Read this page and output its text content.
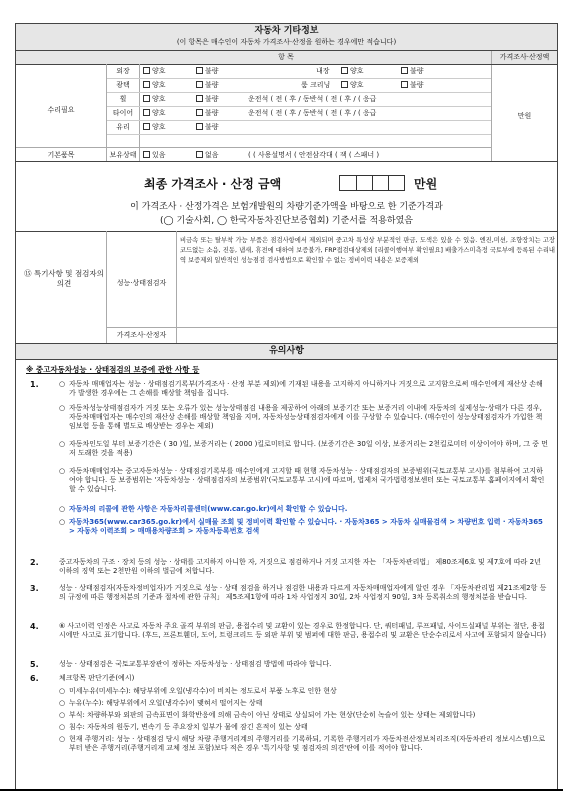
자동차 기타정보
(이 항목은 매수인이 자동차 가격조사·산정을 원하는 경우에만 적습니다)
항 목	가격조사·산정액
수리필요
기본품목
만원
외장	양호	불량	내장	양호	불량
광택	양호	불량	룸 크리닝	양호	불량
휠	양호	불량	운전석 ( 전 ( 후 / 동반석 ( 전 ( 후 / ( 응급
타이어	양호	불량	운전석 ( 전 ( 후 / 동반석 ( 전 ( 후 / ( 응급
유리	양호	불량
보유상태	있음	없음	( ( 사용설명서 ( 안전삼각대 ( 잭 ( 스패너 )
최종 가격조사 · 산정 금액	만원
이 가격조사 · 산정가격은 보험개발원의 차량기준가액을 바탕으로 한 기준가격과
(◯ 기술사회, ◯ 한국자동차진단보증협회) 기준서를 적용하였음
⑮ 특기사항 및 점검자의 의견	성능·상태점검자
비금속 또는 탈부착 가능 부품은 점검사항에서 제외되며 중고차 특성상 부분적인 판금, 도색은 있을 수 있음. 엔진,미션, 조향장치는 고장코드없는 소음, 진동, 냄새, 휴전에 대하여 보증불가, FRP접검대상제외 [리콜이행여부 확인필요] 배출가스미측정 국토부에 등록된 수리내역 보증제외 일반적인 성능점검 검사방법으로 확인할 수 없는 정비이력 내용은 보증제외
가격조사·산정자
유의사항
※ 중고자동차성능 · 상태점검의 보증에 관한 사항 등
1.	○ 자동차 매매업자는 성능 · 상태점검기록부(가격조사 · 산정 부분 제외)에 기재된 내용을 고지하지 아니하거나 거짓으로 고지함으로써 매수인에게 재산상 손해가 발생한 경우에는 그 손해를 배상할 책임을 집니다.
○ 자동차성능상태점검자가 거짓 또는 오류가 있는 성능상태점검 내용을 제공하여 아래의 보증기간 또는 보증거리 이내에 자동차의 실제성능·상태가 다른 경우, 자동차매매업자는 매수인의 재산상 손해를 배상할 책임을 지며, 자동차성능상태점검자에게 이를 구상할 수 있습니다. (매수인이 성능상태점검자가 가입한 책임보험 등을 통해 별도로 배상받는 경우는 제외)
○ 자동차인도일 부터 보증기간은 ( 30 )일, 보증거리는 ( 2000 )킬로미터로 합니다. (보증기간은 30일 이상, 보증거리는 2천킬로미터 이상이어야 하며, 그 중 먼저 도래한 것을 적용)
○ 자동차매매업자는 중고자동차성능 · 상태점검기록부를 매수인에게 고지할 때 현행 자동차성능 · 상태점검자의 보증범위(국토교통부 고시)를 첨부하여 고지하여야 합니다. 등 보증범위는 '자동차성능 · 상태점검자의 보증범위'(국토교통부 고시)에 따르며, 법제처 국가법령정보센터 또는 국토교통부 홈페이지에서 확인할 수 있습니다.
○ 자동차의 리콜에 관한 사항은 자동차리콜센터(www.car.go.kr)에서 확인할 수 있습니다.
○ 자동차365(www.car365.go.kr)에서 실매물 조회 및 정비이력 확인할 수 있습니다. · 자동차365 > 자동차 실매물검색 > 차량번호 입력 · 자동차365 > 자동차 이력조회 > 매매용차량조회 > 자동차등록번호 검색
2.	중고자동차의 구조 · 장치 등의 성능 · 상태를 고지하지 아니한 자, 거짓으로 점검하거나 거짓 고지한 자는 「자동차관리법」 제80조제6호 및 제7호에 따라 2년 이하의 징역 또는 2천만원 이하의 벌금에 처합니다.
3.	성능 · 상태점검자(자동차정비업자)가 거짓으로 성능 · 상태 점검을 하거나 점검한 내용과 다르게 자동차매매업자에게 알린 경우 「자동차관리법 제21조제2항 등의 규정에 따른 행정처분의 기준과 절차에 관한 규칙」 제5조제1항에 따라 1차 사업정지 30일, 2차 사업정지 90일, 3차 등록취소의 행정처분을 받습니다.
4.	⑥ 사고이력 인정은 사고로 자동차 주요 골격 부위의 판금, 용접수리 및 교환이 있는 경우로 한정합니다. 단, 쿼터패널, 루프패널, 사이드실패널 부위는 절단, 용접 시에만 사고로 표기합니다. (후드, 프론트휀더, 도어, 트렁크리드 등 외판 부위 및 범퍼에 대한 판금, 용접수리 및 교환은 단순수리로서 사고에 포함되지 않습니다)
5.	성능 · 상태점검은 국토교통부장관이 정하는 자동차성능 · 상태점검 방법에 따라야 합니다.
6.	체크항목 판단기준(예시)
○ 미세누유(미세누수): 해당부위에 오일(냉각수)이 비치는 정도로서 부품 노후로 인한 현상
○ 누유(누수): 해당부위에서 오일(냉각수)이 맺혀서 떨어지는 상태
○ 부식: 차량하부와 외판의 금속표면이 화학반응에 의해 금속이 아닌 상태로 상실되어 가는 현상(단순히 녹슬어 있는 상태는 제외합니다)
○ 침수: 자동차의 원동기, 변속기 등 주요장치 일부가 물에 잠긴 흔적이 있는 상태
○ 현재 주행거리: 성능 · 상태점검 당시 해당 차량 주행거리계의 주행거리를 기록하되, 기록한 주행거리가 자동차전산정보처리조직(자동차관리 정보시스템)으로부터 받은 주행거리(주행거리계 교체 정보 포함)보다 적은 경우 '특기사항 및 점검자의 의견'란에 이를 적어야 합니다.
